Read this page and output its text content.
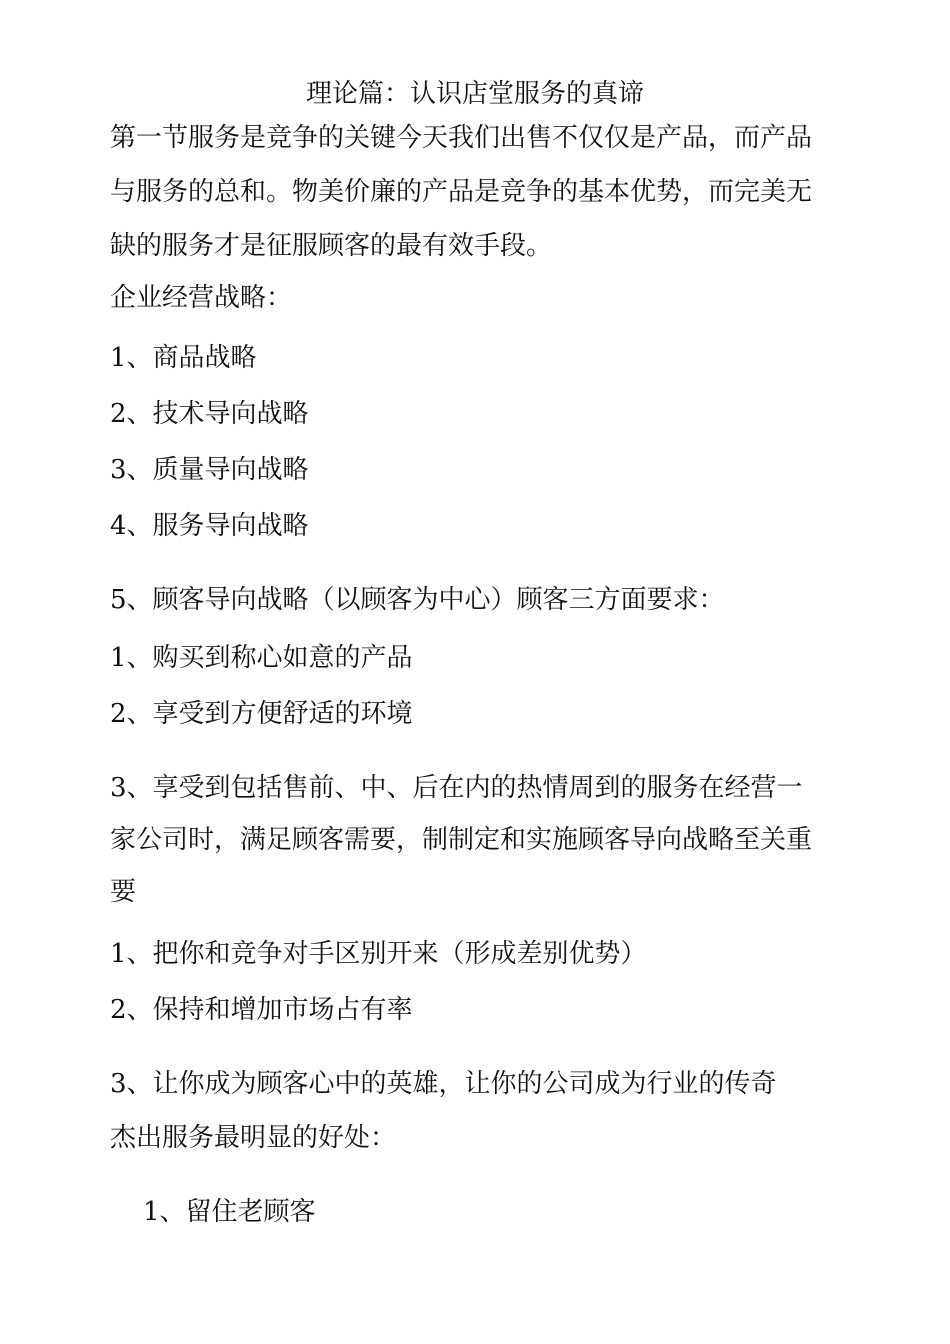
理论篇：认识店堂服务的真谛
第一节服务是竞争的关键今天我们出售不仅仅是产品，而产品
与服务的总和。物美价廉的产品是竞争的基本优势，而完美无
缺的服务才是征服顾客的最有效手段。
企业经营战略：
1、商品战略
2、技术导向战略
3、质量导向战略
4、服务导向战略
5、顾客导向战略（以顾客为中心）顾客三方面要求：
1、购买到称心如意的产品
2、享受到方便舒适的环境
3、享受到包括售前、中、后在内的热情周到的服务在经营一
家公司时，满足顾客需要，制制定和实施顾客导向战略至关重
要
1、把你和竞争对手区别开来（形成差别优势）
2、保持和增加市场占有率
3、让你成为顾客心中的英雄，让你的公司成为行业的传奇
杰出服务最明显的好处：
1、留住老顾客
